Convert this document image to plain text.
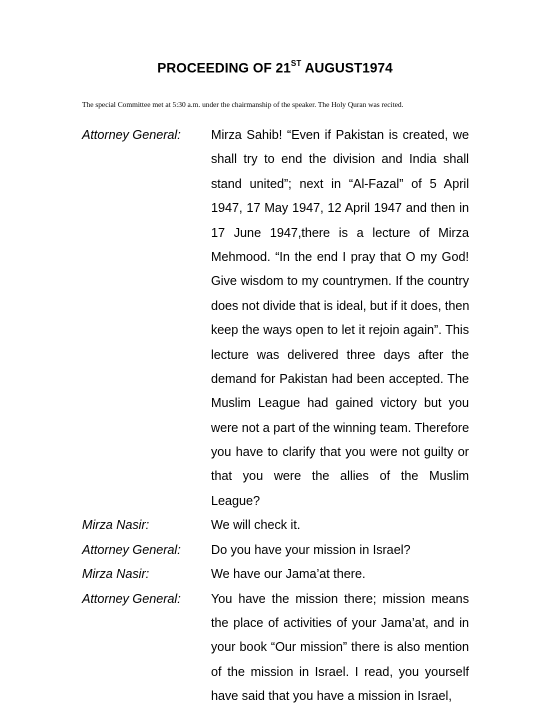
PROCEEDING OF 21ST AUGUST1974
The special Committee met at 5:30 a.m. under the chairmanship of the speaker. The Holy Quran was recited.
Attorney General: Mirza Sahib! “Even if Pakistan is created, we
shall try to end the division and India shall
stand united”; next in “Al-Fazal” of 5 April
1947, 17 May 1947, 12 April 1947 and then in
17 June 1947,there is a lecture of Mirza
Mehmood. “In the end I pray that O my God!
Give wisdom to my countrymen. If the country
does not divide that is ideal, but if it does, then
keep the ways open to let it rejoin again”. This
lecture was delivered three days after the
demand for Pakistan had been accepted. The
Muslim League had gained victory but you
were not a part of the winning team. Therefore
you have to clarify that you were not guilty or
that you were the allies of the Muslim
League?
Mirza Nasir:	We will check it.
Attorney General: Do you have your mission in Israel?
Mirza Nasir:	We have our Jama’at there.
Attorney General: You have the mission there; mission means
the place of activities of your Jama’at, and in
your book “Our mission” there is also mention
of the mission in Israel. I read, you yourself
have said that you have a mission in Israel,
